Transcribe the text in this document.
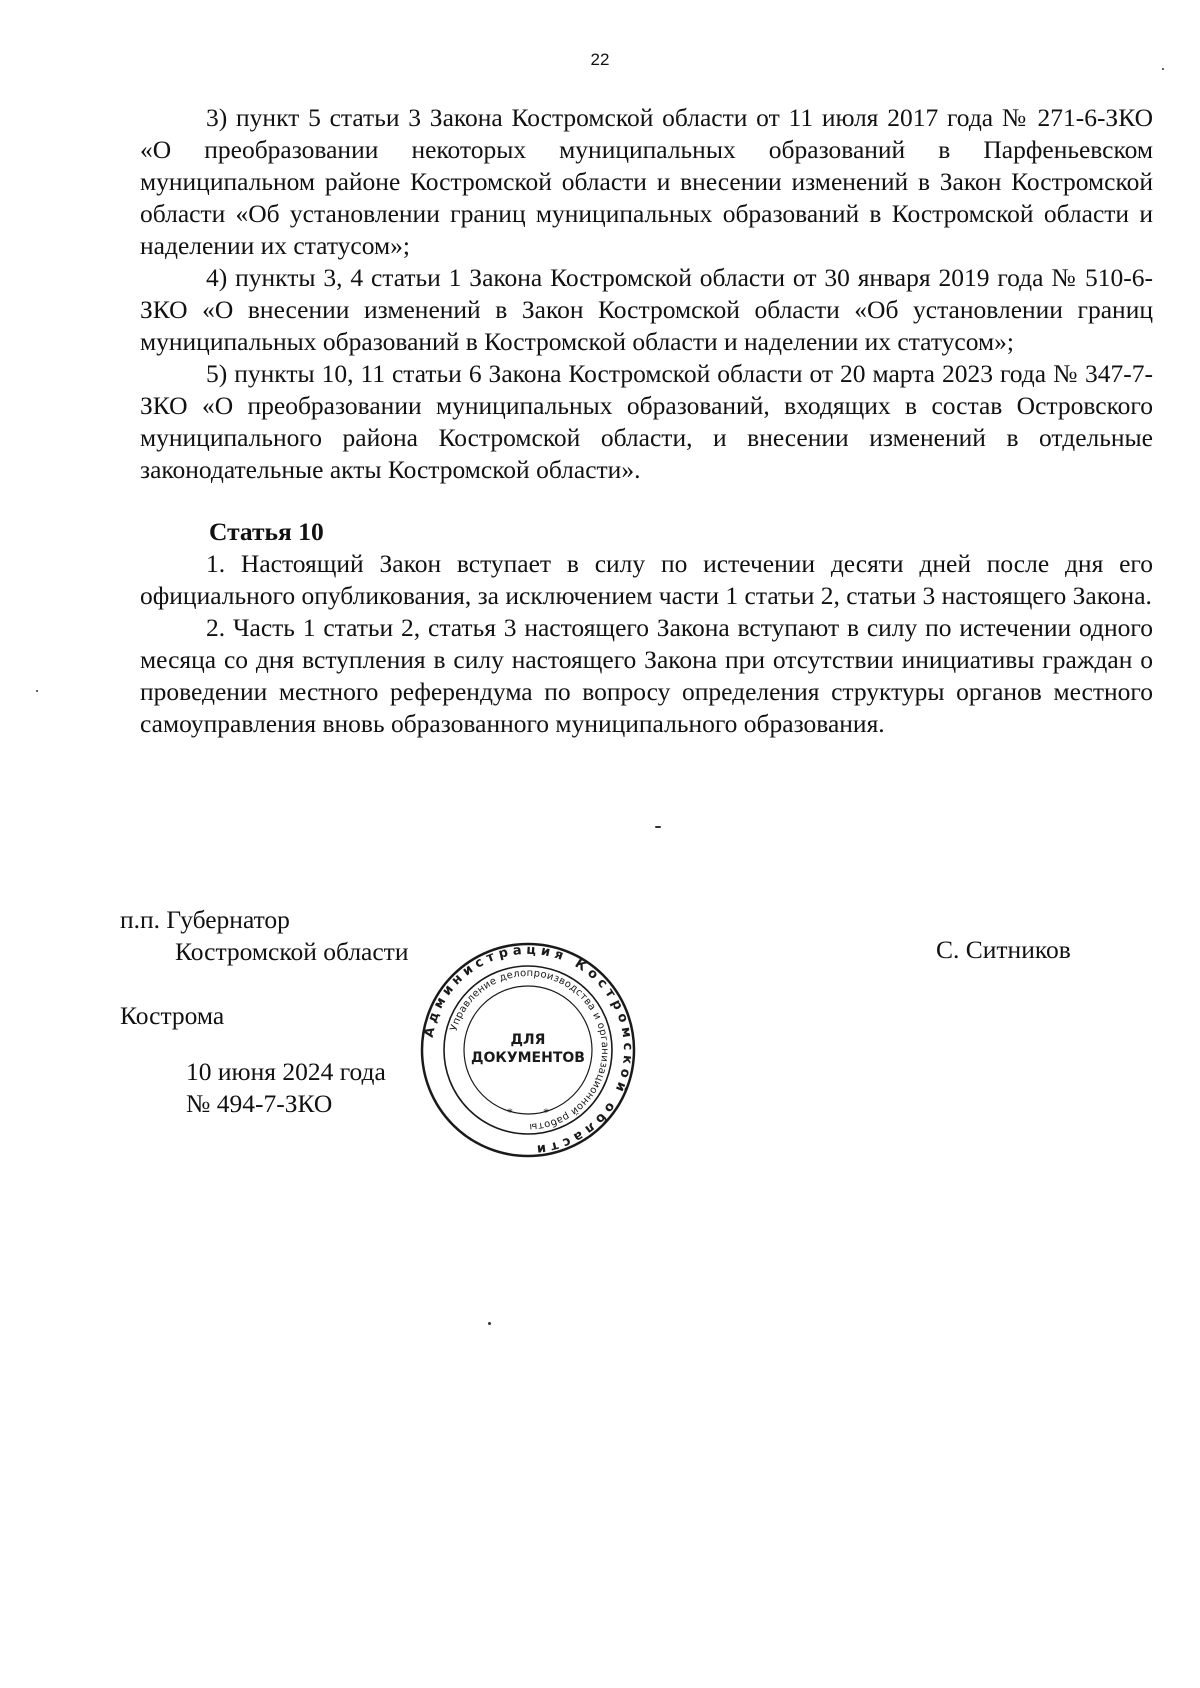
22

3) пункт 5 статьи 3 Закона Костромской области от 11 июля 2017 года № 271-6-ЗКО «О преобразовании некоторых муниципальных образований в Парфеньевском муниципальном районе Костромской области и внесении изменений в Закон Костромской области «Об установлении границ муниципальных образований в Костромской области и наделении их статусом»;

4) пункты 3, 4 статьи 1 Закона Костромской области от 30 января 2019 года № 510-6-ЗКО «О внесении изменений в Закон Костромской области «Об установлении границ муниципальных образований в Костромской области и наделении их статусом»;

5) пункты 10, 11 статьи 6 Закона Костромской области от 20 марта 2023 года № 347-7-ЗКО «О преобразовании муниципальных образований, входящих в состав Островского муниципального района Костромской области, и внесении изменений в отдельные законодательные акты Костромской области».

Статья 10

1. Настоящий Закон вступает в силу по истечении десяти дней после дня его официального опубликования, за исключением части 1 статьи 2, статьи 3 настоящего Закона.

2. Часть 1 статьи 2, статья 3 настоящего Закона вступают в силу по истечении одного месяца со дня вступления в силу настоящего Закона при отсутствии инициативы граждан о проведении местного референдума по вопросу определения структуры органов местного самоуправления вновь образованного муниципального образования.

п.п. Губернатор
Костромской области	С. Ситников
Кострома
10 июня 2024 года
№ 494-7-ЗКО
Администрация Костромской области
Управление делопроизводства и организационной работы
ДЛЯ
ДОКУМЕНТОВ
*	*
